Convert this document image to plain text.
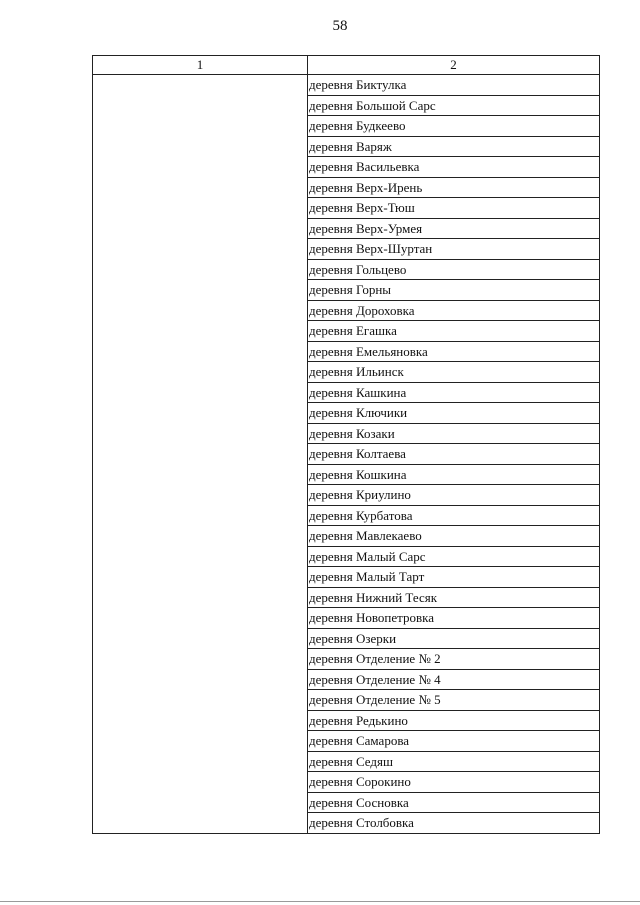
58
1	2
	деревня Биктулка
	деревня Большой Сарс
	деревня Будкеево
	деревня Варяж
	деревня Васильевка
	деревня Верх-Ирень
	деревня Верх-Тюш
	деревня Верх-Урмея
	деревня Верх-Шуртан
	деревня Гольцево
	деревня Горны
	деревня Дороховка
	деревня Егашка
	деревня Емельяновка
	деревня Ильинск
	деревня Кашкина
	деревня Ключики
	деревня Козаки
	деревня Колтаева
	деревня Кошкина
	деревня Криулино
	деревня Курбатова
	деревня Мавлекаево
	деревня Малый Сарс
	деревня Малый Тарт
	деревня Нижний Тесяк
	деревня Новопетровка
	деревня Озерки
	деревня Отделение № 2
	деревня Отделение № 4
	деревня Отделение № 5
	деревня Редькино
	деревня Самарова
	деревня Седяш
	деревня Сорокино
	деревня Сосновка
	деревня Столбовка
